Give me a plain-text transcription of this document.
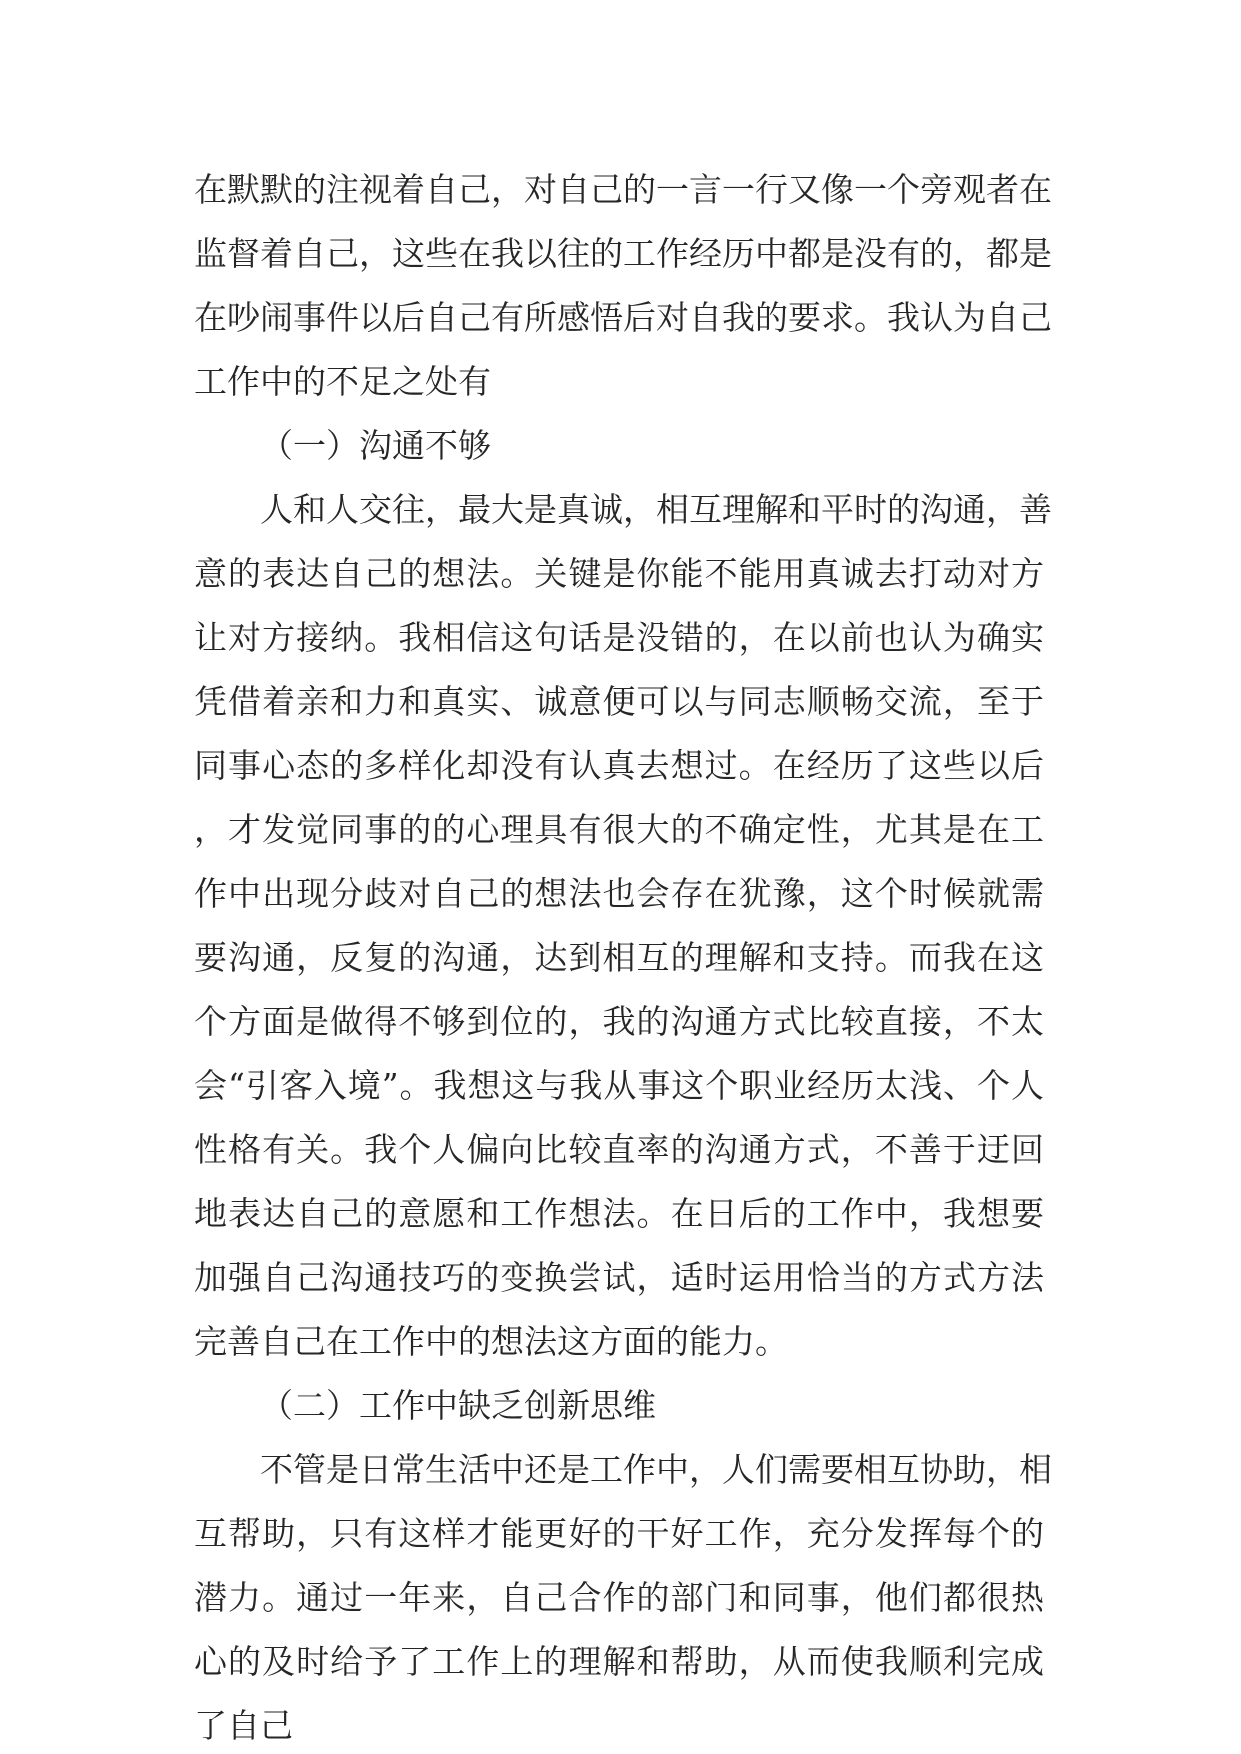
在默默的注视着自己，对自己的一言一行又像一个旁观者在
监督着自己，这些在我以往的工作经历中都是没有的，都是
在吵闹事件以后自己有所感悟后对自我的要求。我认为自己
工作中的不足之处有
（一）沟通不够
人和人交往，最大是真诚，相互理解和平时的沟通，善
意的表达自己的想法。关键是你能不能用真诚去打动对方让对方接纳。我相信这句话是没错的，在以前也认为确实凭借着亲和力和真实、诚意便可以与同志顺畅交流，至于同事心态的多样化却没有认真去想过。在经历了这些以后，才发觉同事的的心理具有很大的不确定性，尤其是在工作中出现分歧对自己的想法也会存在犹豫，这个时候就需要沟通，反复的沟通，达到相互的理解和支持。而我在这个方面是做得不够到位的，我的沟通方式比较直接，不太会“引客入境”。我想这与我从事这个职业经历太浅、个人性格有关。我个人偏向比较直率的沟通方式，不善于迂回地表达自己的意愿和工作想法。在日后的工作中，我想要加强自己沟通技巧的变换尝试，适时运用恰当的方式方法完善自己在工作中的想法这方面的能力。
（二）工作中缺乏创新思维
不管是日常生活中还是工作中，人们需要相互协助，相
互帮助，只有这样才能更好的干好工作，充分发挥每个的潜力。通过一年来，自己合作的部门和同事，他们都很热心的及时给予了工作上的理解和帮助，从而使我顺利完成了自己
